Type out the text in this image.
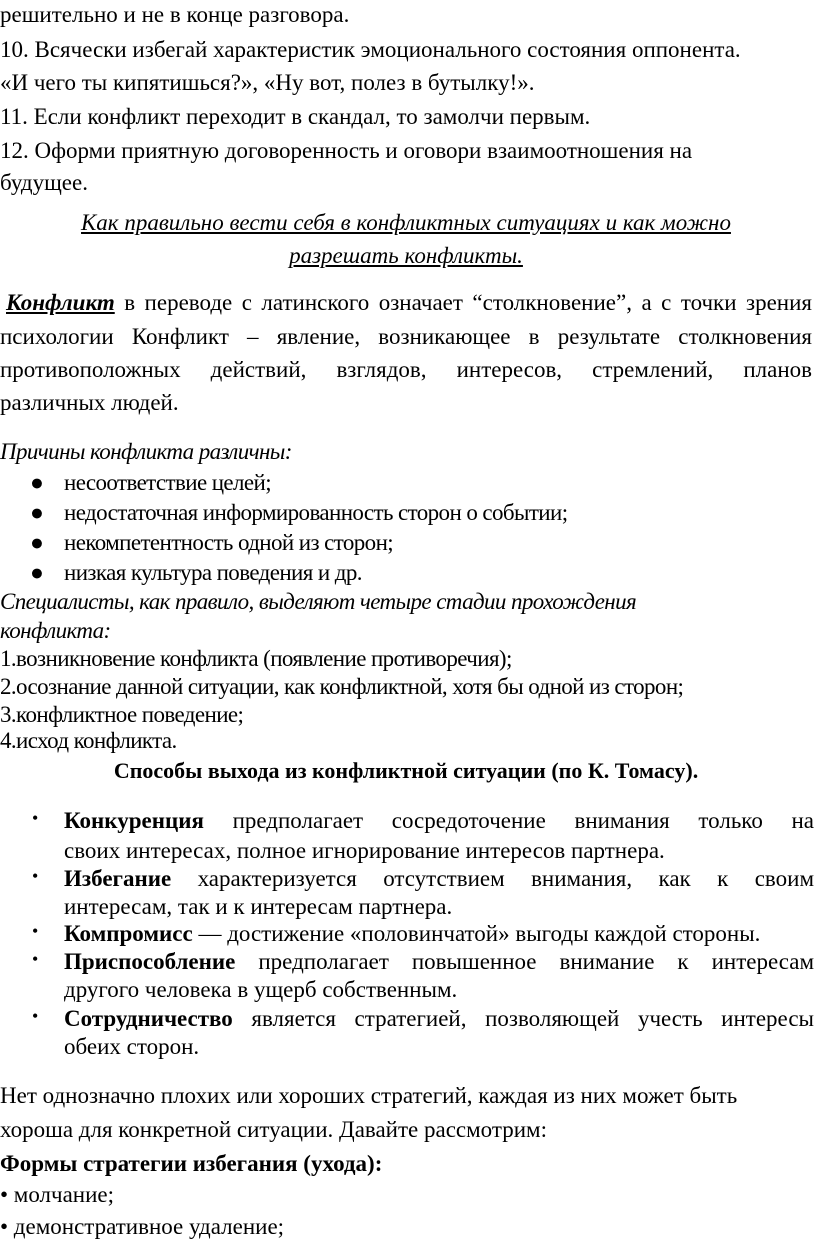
решительно и не в конце разговора.
10. Всячески избегай характеристик эмоционального состояния оппонента.
«И чего ты кипятишься?», «Ну вот, полез в бутылку!».
11. Если конфликт переходит в скандал, то замолчи первым.
12. Оформи приятную договоренность и оговори взаимоотношения на
будущее.
Как правильно вести себя в конфликтных ситуациях и как можно
разрешать конфликты.
Конфликт в переводе с латинского означает “столкновение”, а с точки зрения
психологии Конфликт – явление, возникающее в результате столкновения
противоположных действий, взглядов, интересов, стремлений, планов
различных людей.
Причины конфликта различны:
● несоответствие целей;
● недостаточная информированность сторон о событии;
● некомпетентность одной из сторон;
● низкая культура поведения и др.
Специалисты, как правило, выделяют четыре стадии прохождения
конфликта:
1.возникновение конфликта (появление противоречия);
2.осознание данной ситуации, как конфликтной, хотя бы одной из сторон;
3.конфликтное поведение;
4.исход конфликта.
Способы выхода из конфликтной ситуации (по К. Томасу).
• Конкуренция предполагает сосредоточение внимания только на
своих интересах, полное игнорирование интересов партнера.
• Избегание характеризуется отсутствием внимания, как к своим
интересам, так и к интересам партнера.
• Компромисс — достижение «половинчатой» выгоды каждой стороны.
• Приспособление предполагает повышенное внимание к интересам
другого человека в ущерб собственным.
• Сотрудничество является стратегией, позволяющей учесть интересы
обеих сторон.
Нет однозначно плохих или хороших стратегий, каждая из них может быть
хороша для конкретной ситуации. Давайте рассмотрим:
Формы стратегии избегания (ухода):
• молчание;
• демонстративное удаление;
